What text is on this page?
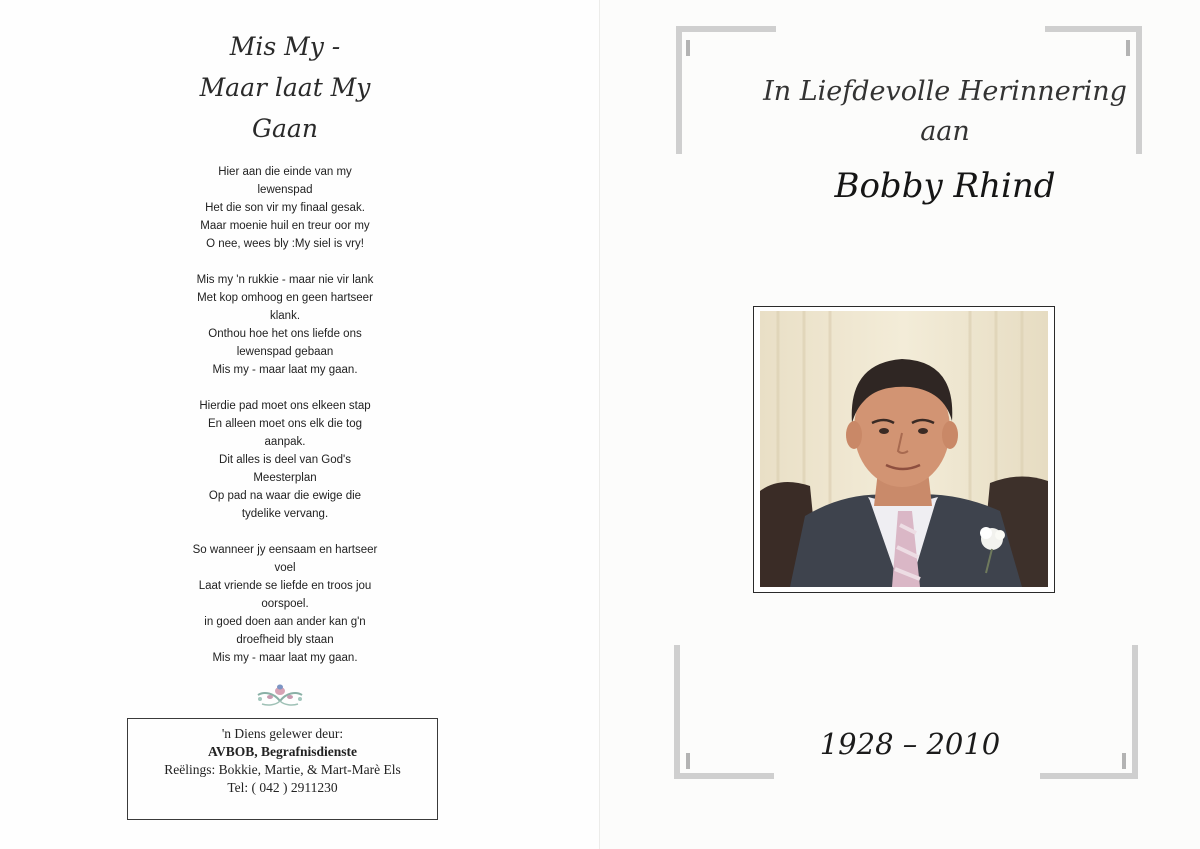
Mis My -
Maar laat My
Gaan
Hier aan die einde van my
lewenspad
Het die son vir my finaal gesak.
Maar moenie huil en treur oor my
O nee, wees bly :My siel is vry!
Mis my 'n rukkie - maar nie vir lank
Met kop omhoog en geen hartseer
klank.
Onthou hoe het ons liefde ons
lewenspad gebaan
Mis my - maar laat my gaan.
Hierdie pad moet ons elkeen stap
En alleen moet ons elk die tog
aanpak.
Dit alles is deel van God's
Meesterplan
Op pad na waar die ewige die
tydelike vervang.
So wanneer jy eensaam en hartseer
voel
Laat vriende se liefde en troos jou
oorspoel.
in goed doen aan ander kan g'n
droefheid bly staan
Mis my - maar laat my gaan.
'n Diens gelewer deur:
AVBOB, Begrafnisdienste
Reëlings: Bokkie, Martie, & Mart-Marè Els
Tel: ( 042 ) 2911230
In Liefdevolle Herinnering
aan
Bobby Rhind
1928 – 2010
